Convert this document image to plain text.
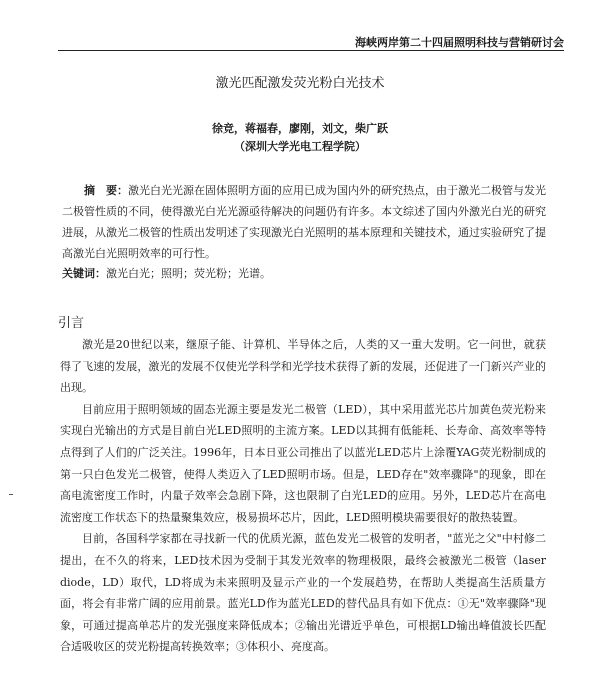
海峡两岸第二十四届照明科技与营销研讨会
激光匹配激发荧光粉白光技术
徐竞，蒋福春，廖刚，刘文，柴广跃
（深圳大学光电工程学院）

摘　要：激光白光光源在固体照明方面的应用已成为国内外的研究热点，由于激光二极管与发光二极管性质的不同，使得激光白光光源亟待解决的问题仍有许多。本文综述了国内外激光白光的研究进展，从激光二极管的性质出发明述了实现激光白光照明的基本原理和关键技术，通过实验研究了提高激光白光照明效率的可行性。

关键词：激光白光；照明；荧光粉；光谱。
引言

激光是20世纪以来，继原子能、计算机、半导体之后，人类的又一重大发明。它一问世，就获得了飞速的发展，激光的发展不仅使光学科学和光学技术获得了新的发展，还促进了一门新兴产业的出现。

目前应用于照明领域的固态光源主要是发光二极管（LED），其中采用蓝光芯片加黄色荧光粉来实现白光输出的方式是目前白光LED照明的主流方案。LED以其拥有低能耗、长寿命、高效率等特点得到了人们的广泛关注。1996年，日本日亚公司推出了以蓝光LED芯片上涂覆YAG荧光粉制成的第一只白色发光二极管，使得人类迈入了LED照明市场。但是，LED存在"效率骤降"的现象，即在高电流密度工作时，内量子效率会急剧下降，这也限制了白光LED的应用。另外，LED芯片在高电流密度工作状态下的热量聚集效应，极易损坏芯片，因此，LED照明模块需要很好的散热装置。

目前，各国科学家都在寻找新一代的优质光源，蓝色发光二极管的发明者，"蓝光之父"中村修二提出，在不久的将来，LED技术因为受制于其发光效率的物理极限，最终会被激光二极管（laser diode，LD）取代，LD将成为未来照明及显示产业的一个发展趋势，在帮助人类提高生活质量方面，将会有非常广阔的应用前景。蓝光LD作为蓝光LED的替代品具有如下优点：①无"效率骤降"现象，可通过提高单芯片的发光强度来降低成本；②输出光谱近乎单色，可根据LD输出峰值波长匹配合适吸收区的荧光粉提高转换效率；③体积小、亮度高。
